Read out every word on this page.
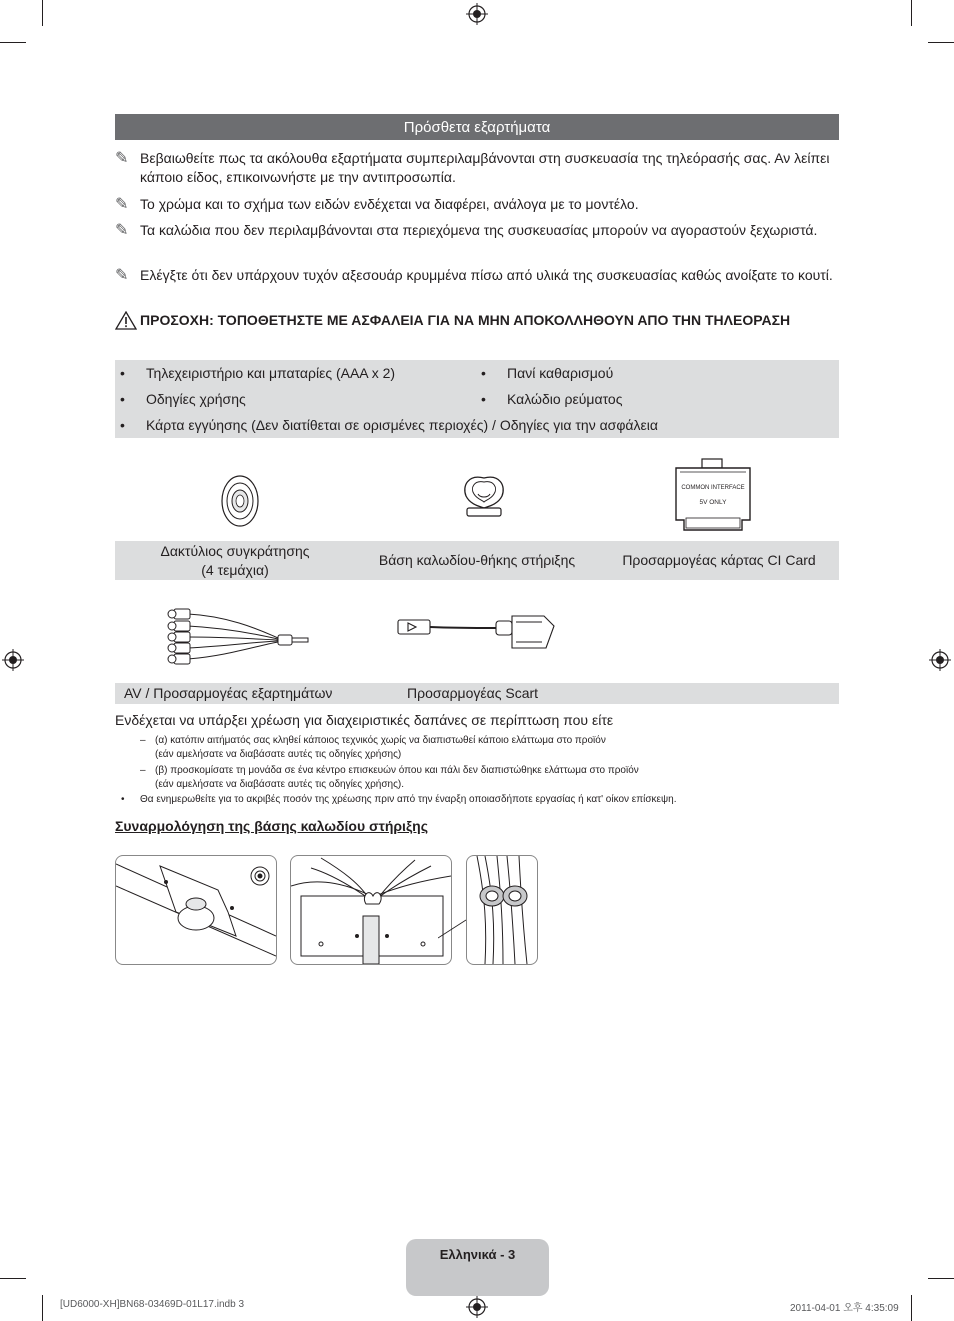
Πρόσθετα εξαρτήματα
✎ Βεβαιωθείτε πως τα ακόλουθα εξαρτήματα συμπεριλαμβάνονται στη συσκευασία της τηλεόρασής σας. Αν λείπει κάποιο είδος, επικοινωνήστε με την αντιπροσωπία.
✎ Το χρώμα και το σχήμα των ειδών ενδέχεται να διαφέρει, ανάλογα με το μοντέλο.
✎ Τα καλώδια που δεν περιλαμβάνονται στα περιεχόμενα της συσκευασίας μπορούν να αγοραστούν ξεχωριστά.
✎ Ελέγξτε ότι δεν υπάρχουν τυχόν αξεσουάρ κρυμμένα πίσω από υλικά της συσκευασίας καθώς ανοίξατε το κουτί.
ΠΡΟΣΟΧΗ: ΤΟΠΟΘΕΤΗΣΤΕ ΜΕ ΑΣΦΑΛΕΙΑ ΓΙΑ ΝΑ ΜΗΝ ΑΠΟΚΟΛΛΗΘΟΥΝ ΑΠΟ ΤΗΝ ΤΗΛΕΟΡΑΣΗ
• Τηλεχειριστήριο και μπαταρίες (AAA x 2)	• Πανί καθαρισμού
• Οδηγίες χρήσης	• Καλώδιο ρεύματος
• Κάρτα εγγύησης (Δεν διατίθεται σε ορισμένες περιοχές) / Οδηγίες για την ασφάλεια
COMMON INTERFACE
5V ONLY
Δακτύλιος συγκράτησης
(4 τεμάχια)
Βάση καλωδίου-θήκης στήριξης	Προσαρμογέας κάρτας CI Card
AV / Προσαρμογέας εξαρτημάτων	Προσαρμογέας Scart
Ενδέχεται να υπάρξει χρέωση για διαχειριστικές δαπάνες σε περίπτωση που είτε
– (α) κατόπιν αιτήματός σας κληθεί κάποιος τεχνικός χωρίς να διαπιστωθεί κάποιο ελάττωμα στο προϊόν
(εάν αμελήσατε να διαβάσατε αυτές τις οδηγίες χρήσης)
– (β) προσκομίσατε τη μονάδα σε ένα κέντρο επισκευών όπου και πάλι δεν διαπιστώθηκε ελάττωμα στο προϊόν
(εάν αμελήσατε να διαβάσατε αυτές τις οδηγίες χρήσης).
• Θα ενημερωθείτε για το ακριβές ποσόν της χρέωσης πριν από την έναρξη οποιασδήποτε εργασίας ή κατ' οίκον επίσκεψη.
Συναρμολόγηση της βάσης καλωδίου στήριξης
Ελληνικά - 3
[UD6000-XH]BN68-03469D-01L17.indb 3	2011-04-01 오후 4:35:09
